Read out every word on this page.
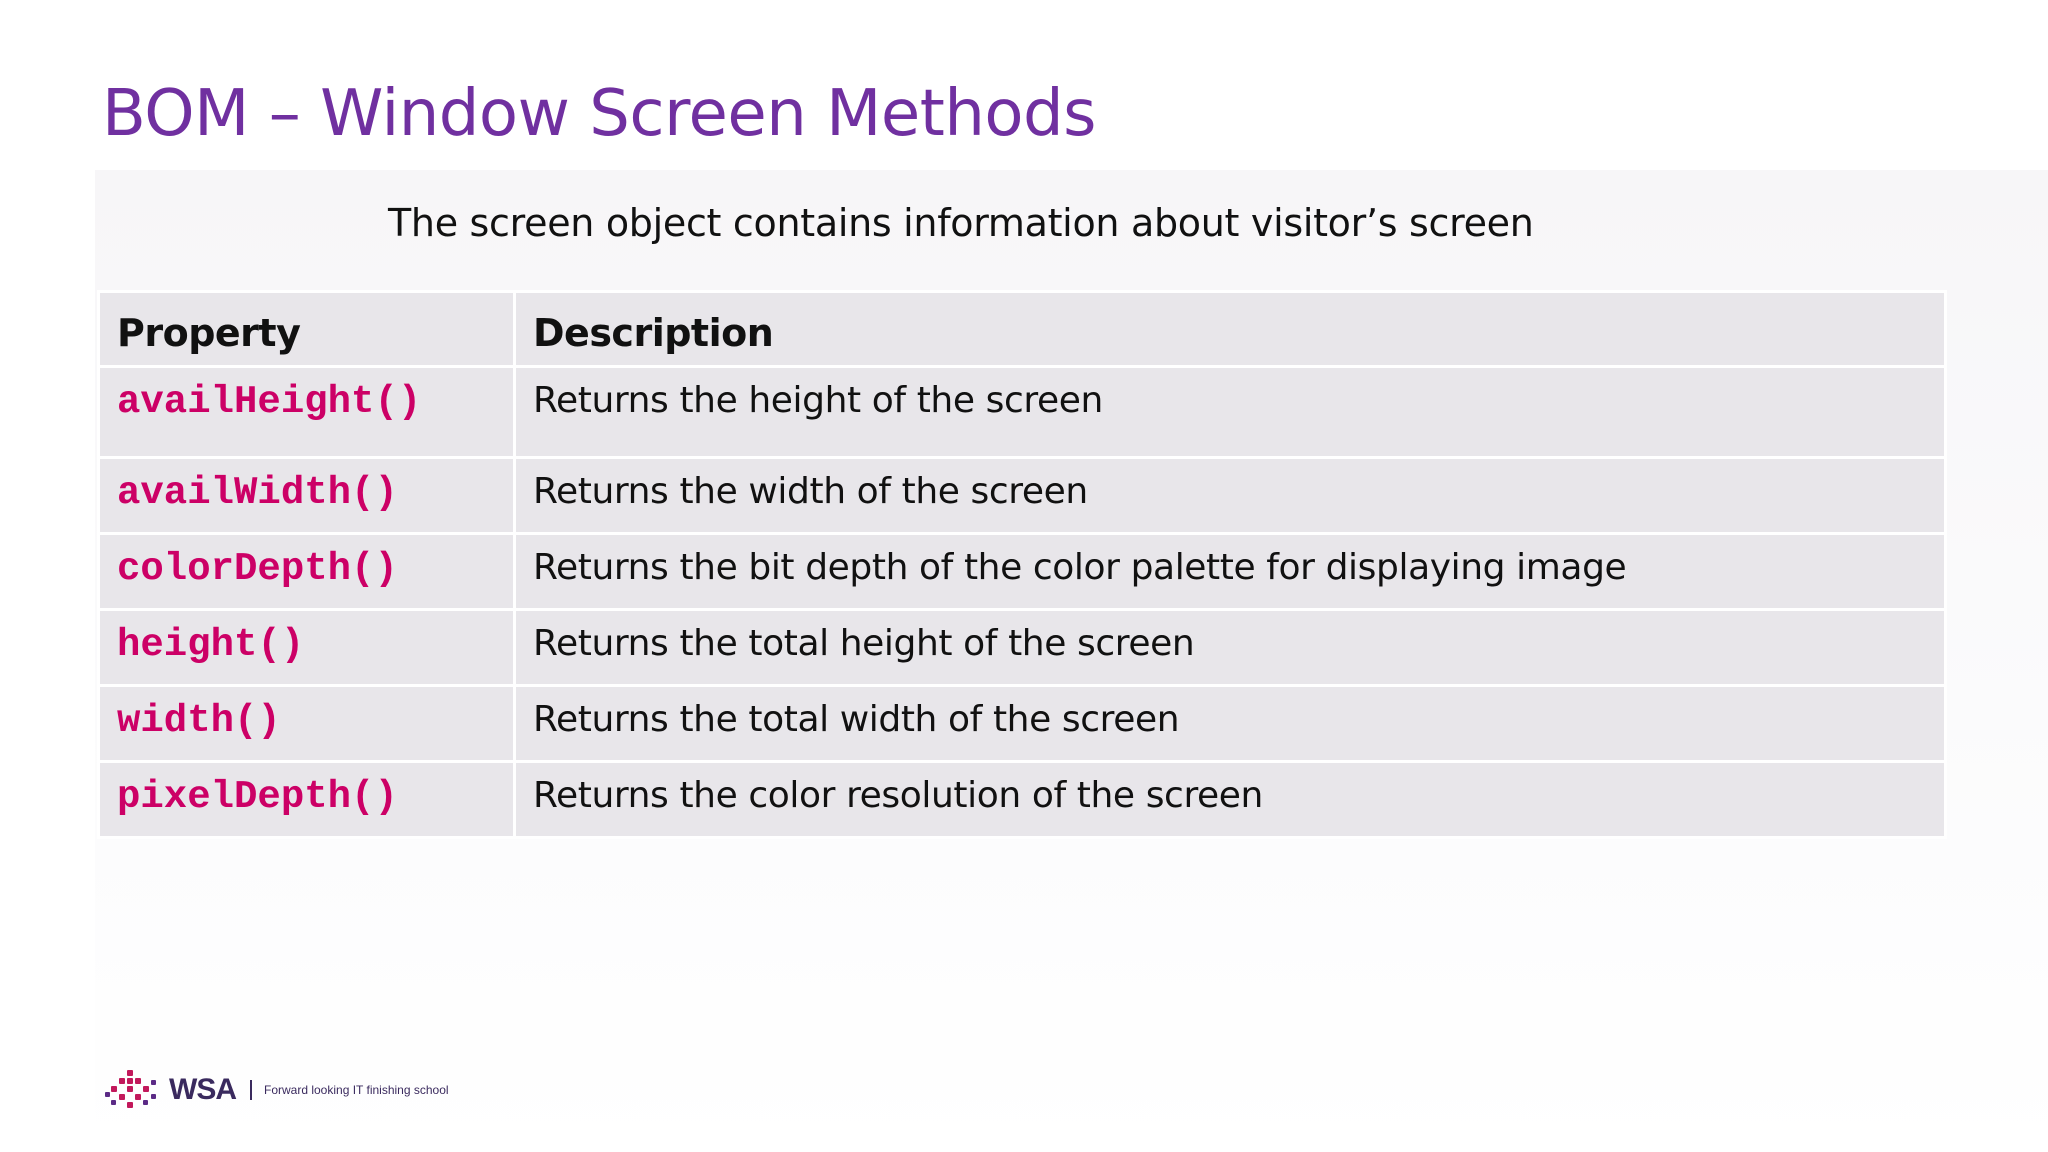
BOM – Window Screen Methods
The screen object contains information about visitor’s screen
Property	Description
availHeight()	Returns the height of the screen
availWidth()	Returns the width of the screen
colorDepth()	Returns the bit depth of the color palette for displaying image
height()	Returns the total height of the screen
width()	Returns the total width of the screen
pixelDepth()	Returns the color resolution of the screen
WSA Forward looking IT finishing school
